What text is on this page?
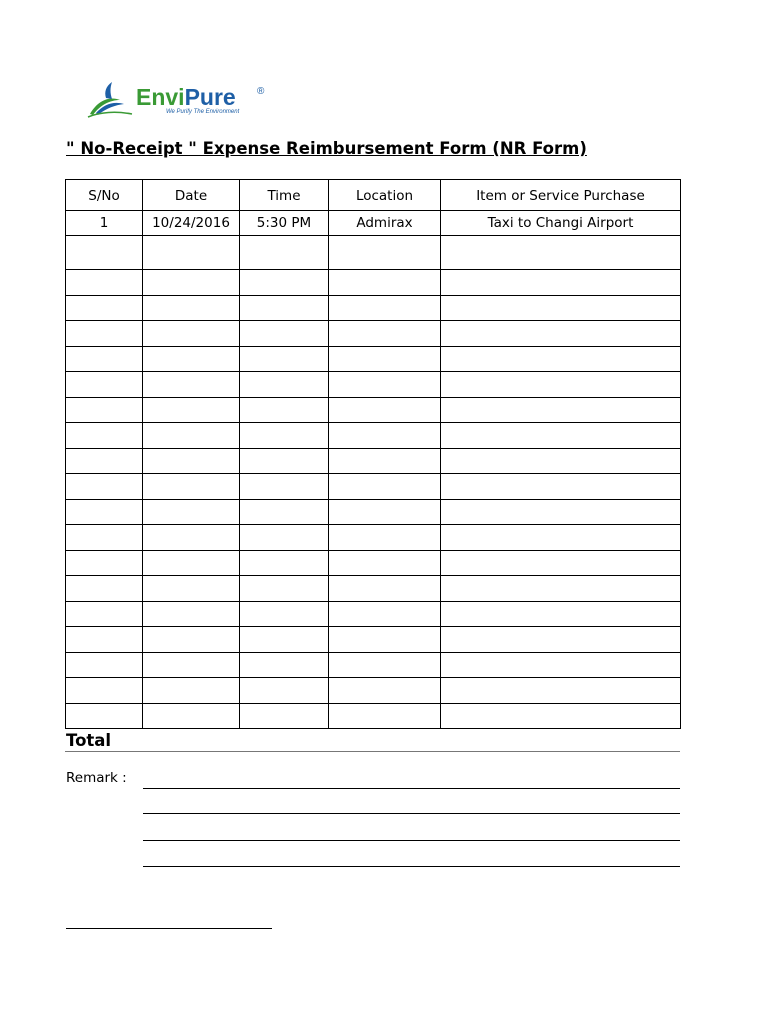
EnviPure ®
We Purify The Environment
" No-Receipt " Expense Reimbursement Form (NR Form)
S/No	Date	Time	Location	Item or Service Purchase
1	10/24/2016	5:30 PM	Admirax	Taxi to Changi Airport

Total
Remark :
